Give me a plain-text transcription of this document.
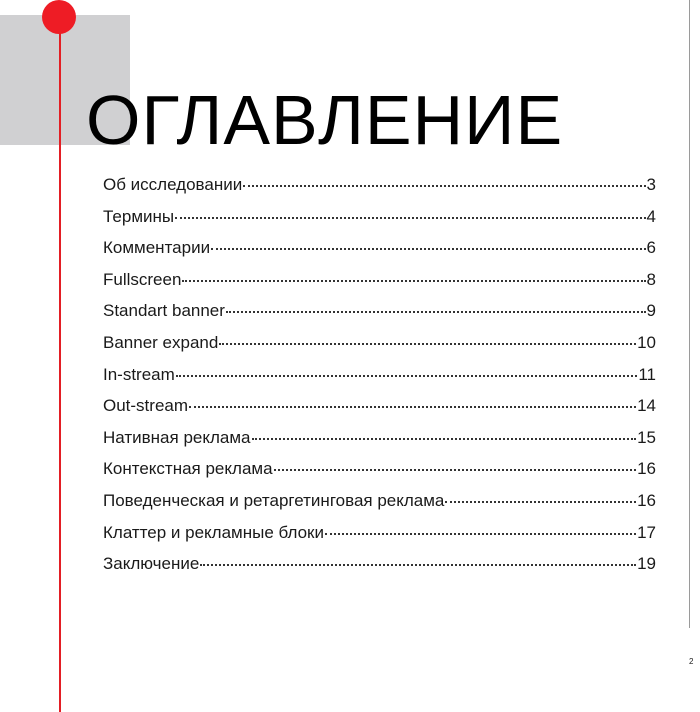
ОГЛАВЛЕНИЕ
Об исследовании	3
Термины	4
Комментарии	6
Fullscreen	8
Standart banner	9
Banner expand	10
In-stream	11
Out-stream	14
Нативная реклама	15
Контекстная реклама	16
Поведенческая и ретаргетинговая реклама	16
Клаттер и рекламные блоки	17
Заключение	19
2
